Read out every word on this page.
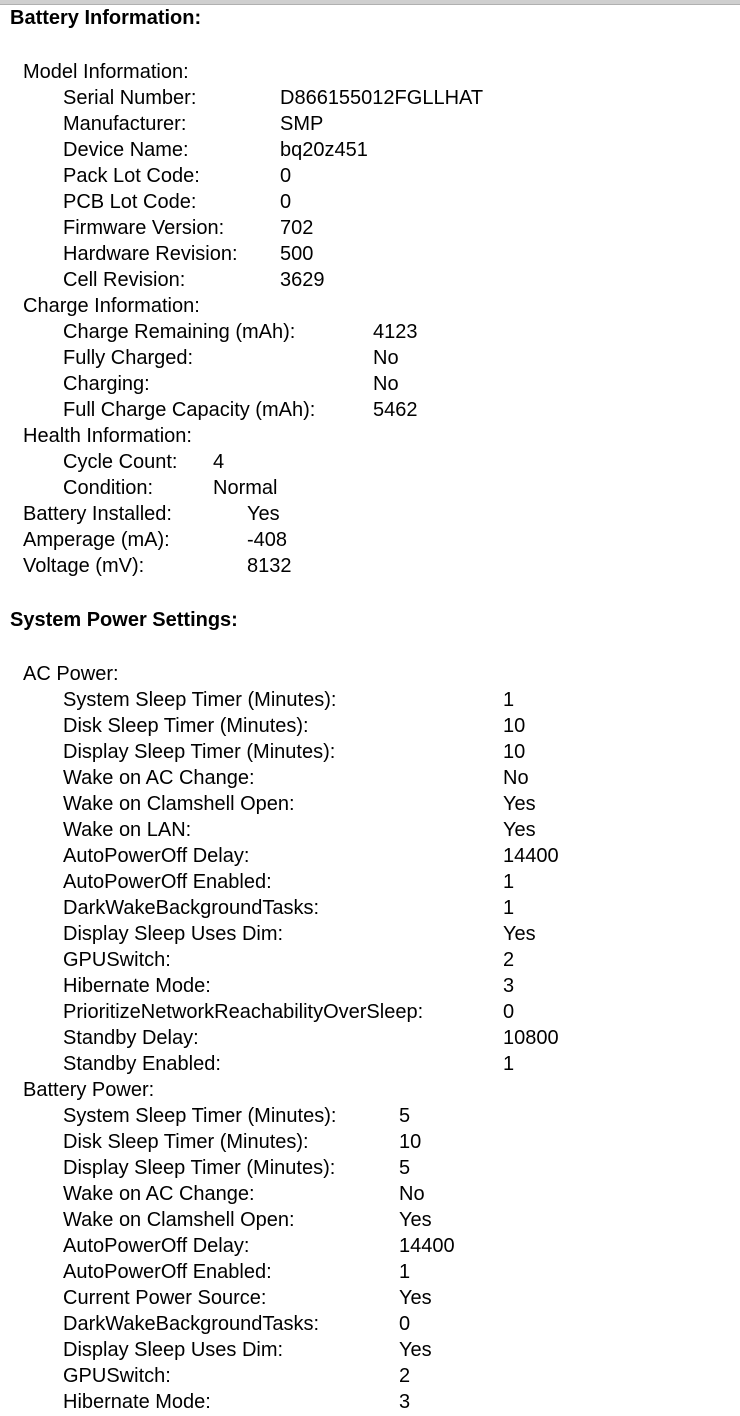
Battery Information:
Model Information:
Serial Number:	D866155012FGLLHAT
Manufacturer:	SMP
Device Name:	bq20z451
Pack Lot Code:	0
PCB Lot Code:	0
Firmware Version:	702
Hardware Revision: 500
Cell Revision:	3629
Charge Information:
Charge Remaining (mAh):	4123
Fully Charged:	No
Charging:	No
Full Charge Capacity (mAh):	5462
Health Information:
Cycle Count: 4
Condition:	Normal
Battery Installed:	Yes
Amperage (mA):	-408
Voltage (mV):	8132
System Power Settings:
AC Power:
System Sleep Timer (Minutes):	1
Disk Sleep Timer (Minutes):	10
Display Sleep Timer (Minutes):	10
Wake on AC Change:	No
Wake on Clamshell Open:	Yes
Wake on LAN:	Yes
AutoPowerOff Delay:	14400
AutoPowerOff Enabled:	1
DarkWakeBackgroundTasks:	1
Display Sleep Uses Dim:	Yes
GPUSwitch:	2
Hibernate Mode:	3
PrioritizeNetworkReachabilityOverSleep:	0
Standby Delay:	10800
Standby Enabled:	1
Battery Power:
System Sleep Timer (Minutes):	5
Disk Sleep Timer (Minutes):	10
Display Sleep Timer (Minutes):	5
Wake on AC Change:	No
Wake on Clamshell Open:	Yes
AutoPowerOff Delay:	14400
AutoPowerOff Enabled:	1
Current Power Source:	Yes
DarkWakeBackgroundTasks:	0
Display Sleep Uses Dim:	Yes
GPUSwitch:	2
Hibernate Mode:	3
